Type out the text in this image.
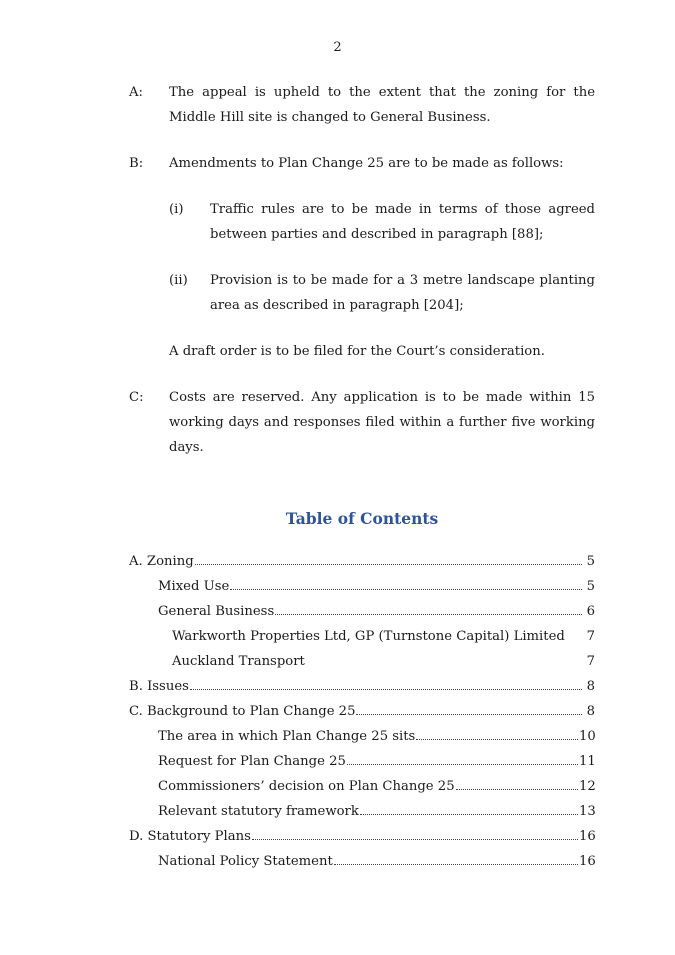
2
A:	The appeal is upheld to the extent that the zoning for the Middle Hill site is changed to General Business.
B:	Amendments to Plan Change 25 are to be made as follows:
(i)	Traffic rules are to be made in terms of those agreed between parties and described in paragraph [88];
(ii)	Provision is to be made for a 3 metre landscape planting area as described in paragraph [204];
A draft order is to be filed for the Court’s consideration.
C:	Costs are reserved. Any application is to be made within 15 working days and responses filed within a further five working days.
Table of Contents
A. Zoning	5
Mixed Use	5
General Business	6
Warkworth Properties Ltd, GP (Turnstone Capital) Limited 7
Auckland Transport	7
B. Issues	8
C. Background to Plan Change 25	8
The area in which Plan Change 25 sits	10
Request for Plan Change 25	11
Commissioners’ decision on Plan Change 25	12
Relevant statutory framework	13
D. Statutory Plans	16
National Policy Statement	16
